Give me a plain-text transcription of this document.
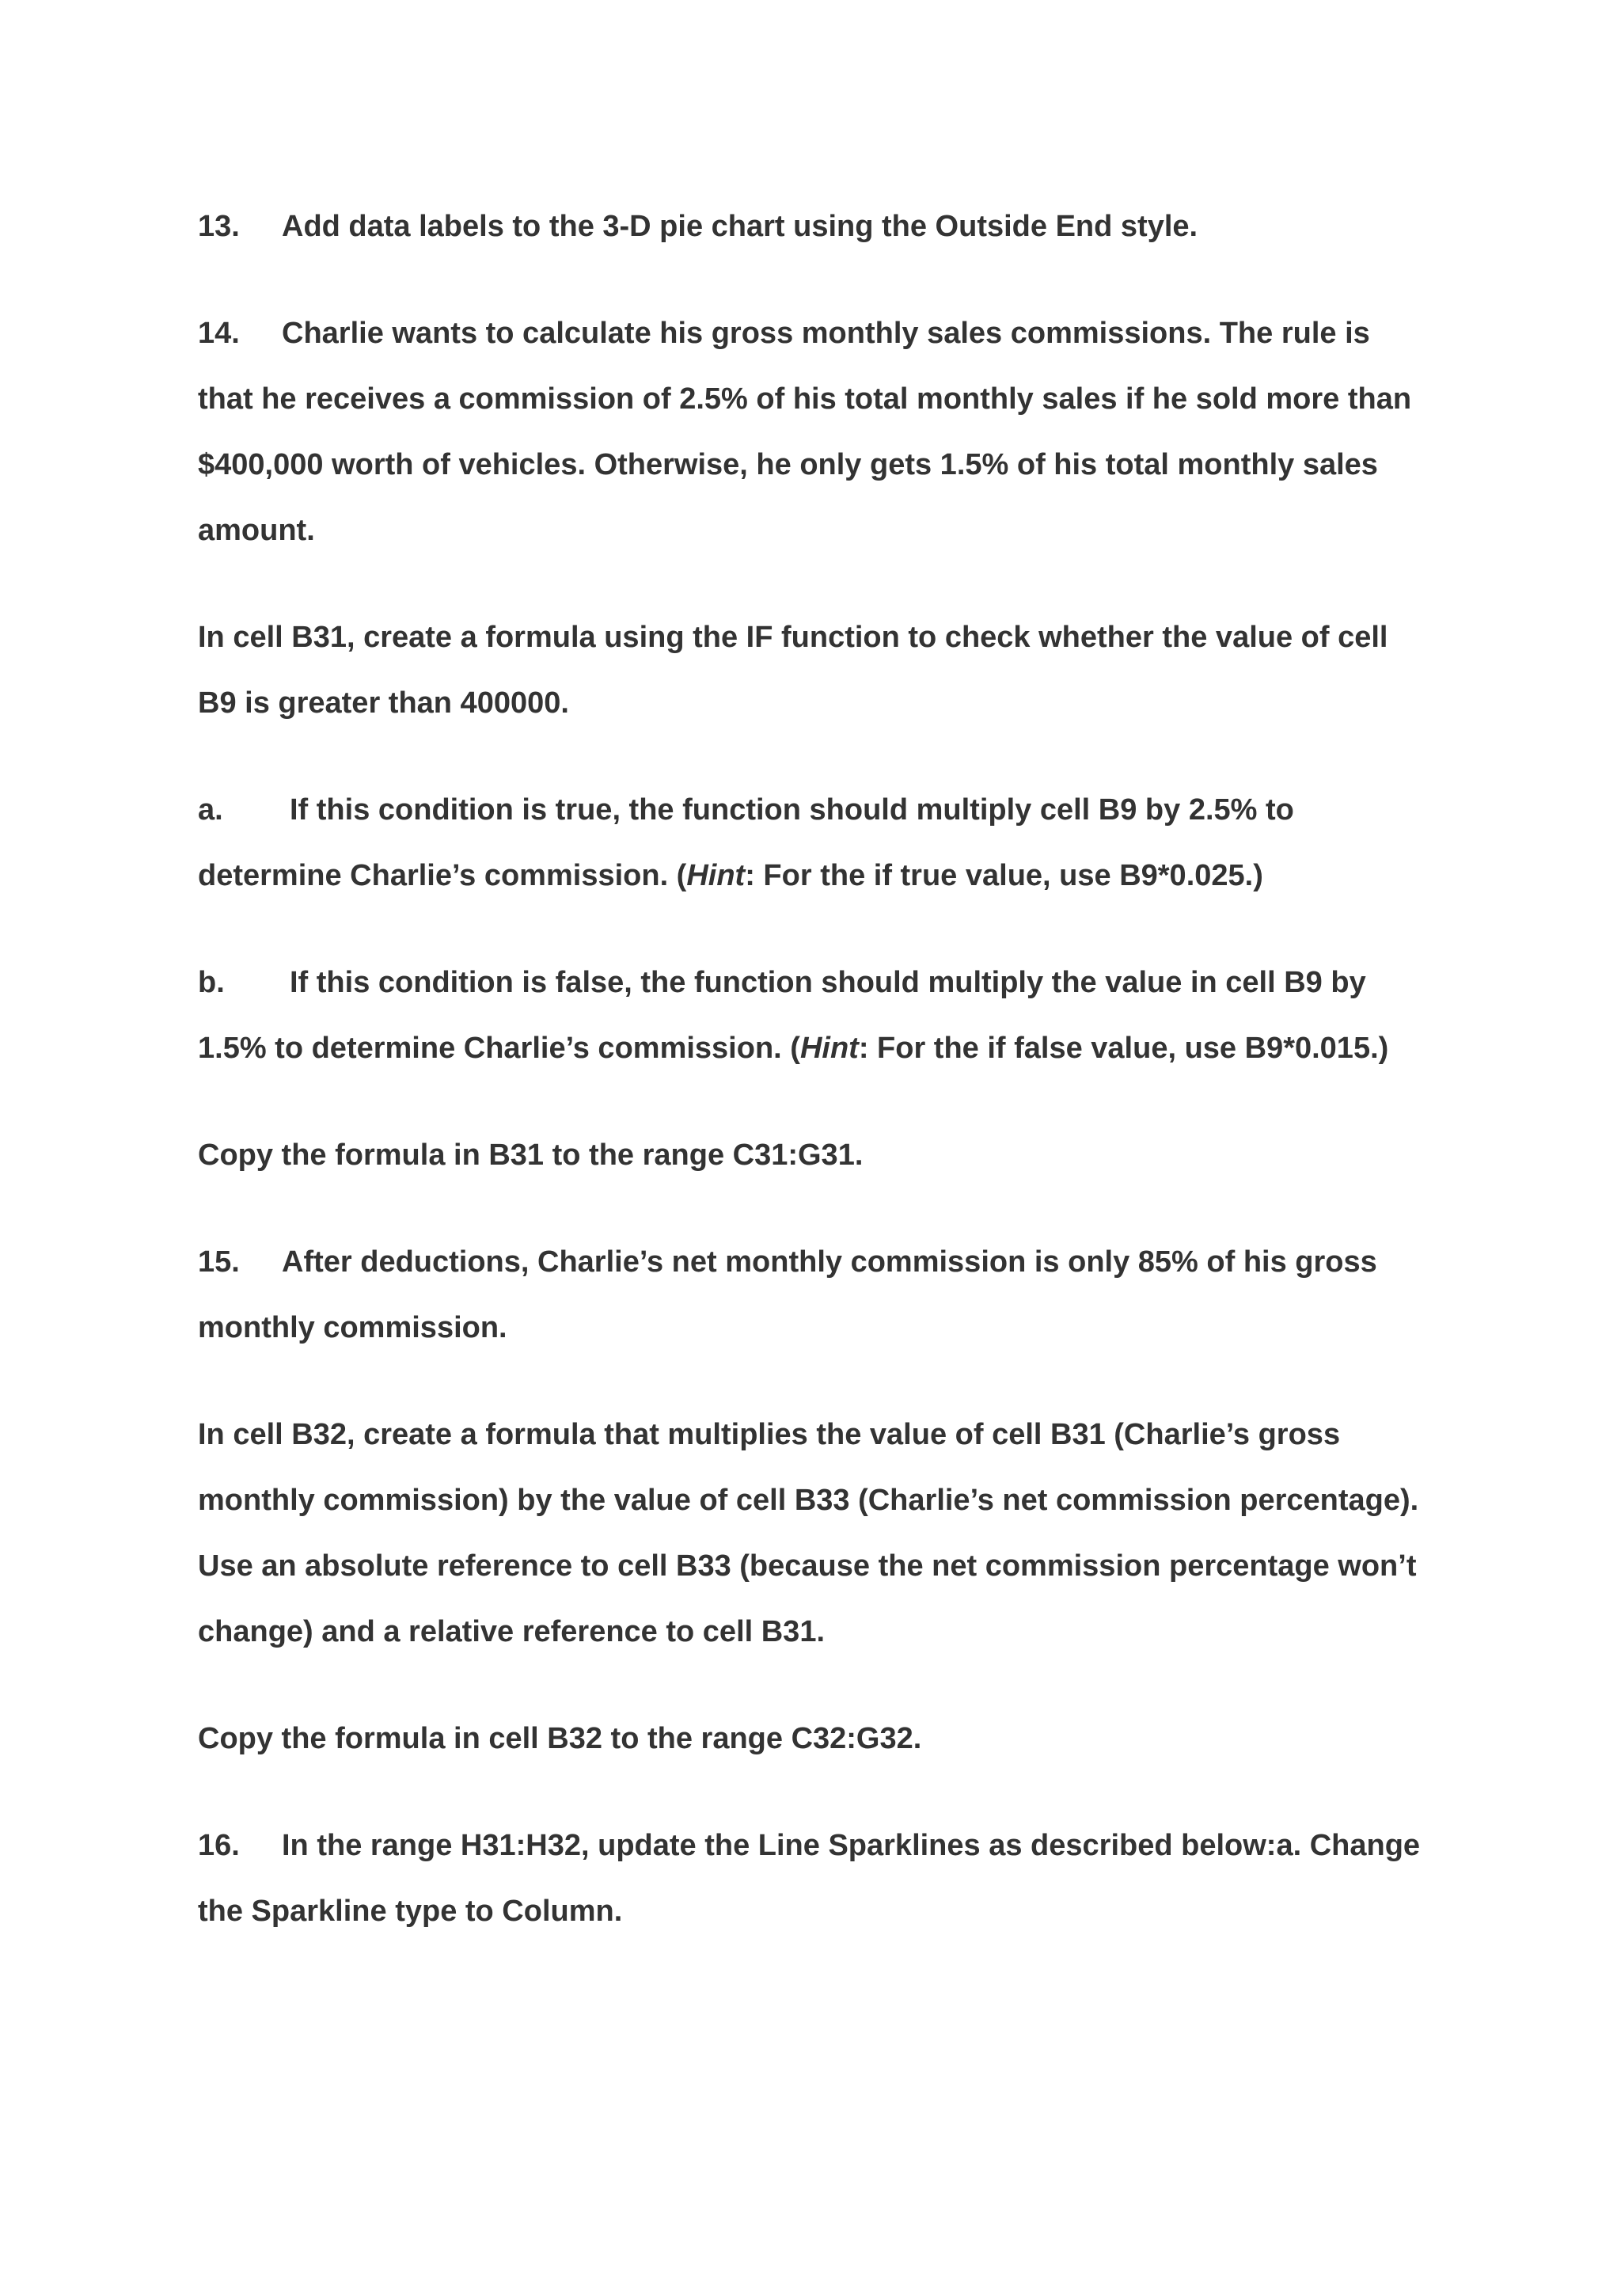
13. Add data labels to the 3-D pie chart using the Outside End style.

14. Charlie wants to calculate his gross monthly sales commissions. The rule is that he receives a commission of 2.5% of his total monthly sales if he sold more than $400,000 worth of vehicles. Otherwise, he only gets 1.5% of his total monthly sales amount.

In cell B31, create a formula using the IF function to check whether the value of cell B9 is greater than 400000.

a. If this condition is true, the function should multiply cell B9 by 2.5% to determine Charlie’s commission. (Hint: For the if true value, use B9*0.025.)

b. If this condition is false, the function should multiply the value in cell B9 by 1.5% to determine Charlie’s commission. (Hint: For the if false value, use B9*0.015.)

Copy the formula in B31 to the range C31:G31.

15. After deductions, Charlie’s net monthly commission is only 85% of his gross monthly commission.

In cell B32, create a formula that multiplies the value of cell B31 (Charlie’s gross monthly commission) by the value of cell B33 (Charlie’s net commission percentage). Use an absolute reference to cell B33 (because the net commission percentage won’t change) and a relative reference to cell B31.

Copy the formula in cell B32 to the range C32:G32.

16. In the range H31:H32, update the Line Sparklines as described below:a. Change the Sparkline type to Column.
